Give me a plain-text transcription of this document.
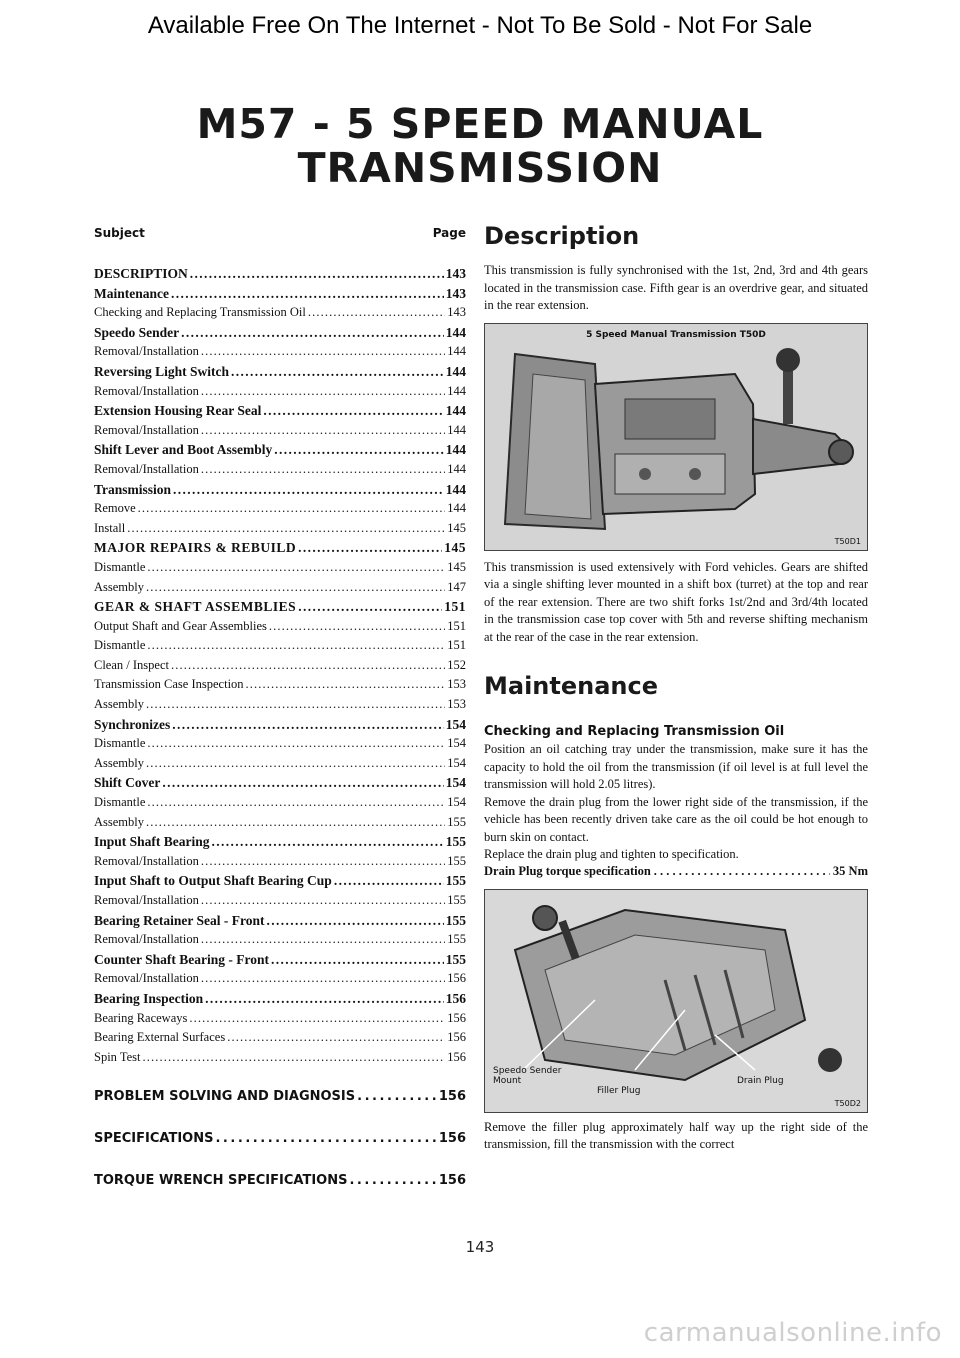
Available Free On The Internet - Not To Be Sold - Not For Sale
M57 - 5 SPEED MANUAL
TRANSMISSION
Subject	Page
DESCRIPTION . . .	143
Maintenance . . .	143
Checking and Replacing Transmission Oil . . .	143
Speedo Sender . . .	144
Removal/Installation . . .	144
Reversing Light Switch . . .	144
Removal/Installation . . .	144
Extension Housing Rear Seal . . .	144
Removal/Installation . . .	144
Shift Lever and Boot Assembly . . .	144
Removal/Installation . . .	144
Transmission . . .	144
Remove . . .	144
Install . . .	145
MAJOR REPAIRS & REBUILD . . .	145
Dismantle . . .	145
Assembly . . .	147
GEAR & SHAFT ASSEMBLIES . . .	151
Output Shaft and Gear Assemblies . . .	151
Dismantle . . .	151
Clean / Inspect . . .	152
Transmission Case Inspection . . .	153
Assembly . . .	153
Synchronizes . . .	154
Dismantle . . .	154
Assembly . . .	154
Shift Cover . . .	154
Dismantle . . .	154
Assembly . . .	155
Input Shaft Bearing . . .	155
Removal/Installation . . .	155
Input Shaft to Output Shaft Bearing Cup . . .	155
Removal/Installation . . .	155
Bearing Retainer Seal - Front . . .	155
Removal/Installation . . .	155
Counter Shaft Bearing - Front . . .	155
Removal/Installation . . .	156
Bearing Inspection . . .	156
Bearing Raceways . . .	156
Bearing External Surfaces . . .	156
Spin Test . . .	156
PROBLEM SOLVING AND DIAGNOSIS . . .	156
SPECIFICATIONS . . .	156
TORQUE WRENCH SPECIFICATIONS . . .	156
Description

This transmission is fully synchronised with the 1st, 2nd, 3rd and 4th gears located in the transmission case. Fifth gear is an overdrive gear, and situated in the rear extension.

5 Speed Manual Transmission T50D
T50D1

This transmission is used extensively with Ford vehicles. Gears are shifted via a single shifting lever mounted in a shift box (turret) at the top and rear of the rear extension. There are two shift forks 1st/2nd and 3rd/4th located in the transmission case top cover with 5th and reverse shifting mechanism at the rear of the case in the rear extension.

Maintenance
Checking and Replacing Transmission Oil

Position an oil catching tray under the transmission, make sure it has the capacity to hold the oil from the transmission (if oil level is at full level the transmission will hold 2.05 litres).

Remove the drain plug from the lower right side of the transmission, if the vehicle has been recently driven take care as the oil could be hot enough to burn skin on contact.

Replace the drain plug and tighten to specification.

Drain Plug torque specification . . .	35 Nm
Speedo Sender Mount
Filler Plug
Drain Plug
T50D2

Remove the filler plug approximately half way up the right side of the transmission, fill the transmission with the correct

143
carmanualsonline.info
